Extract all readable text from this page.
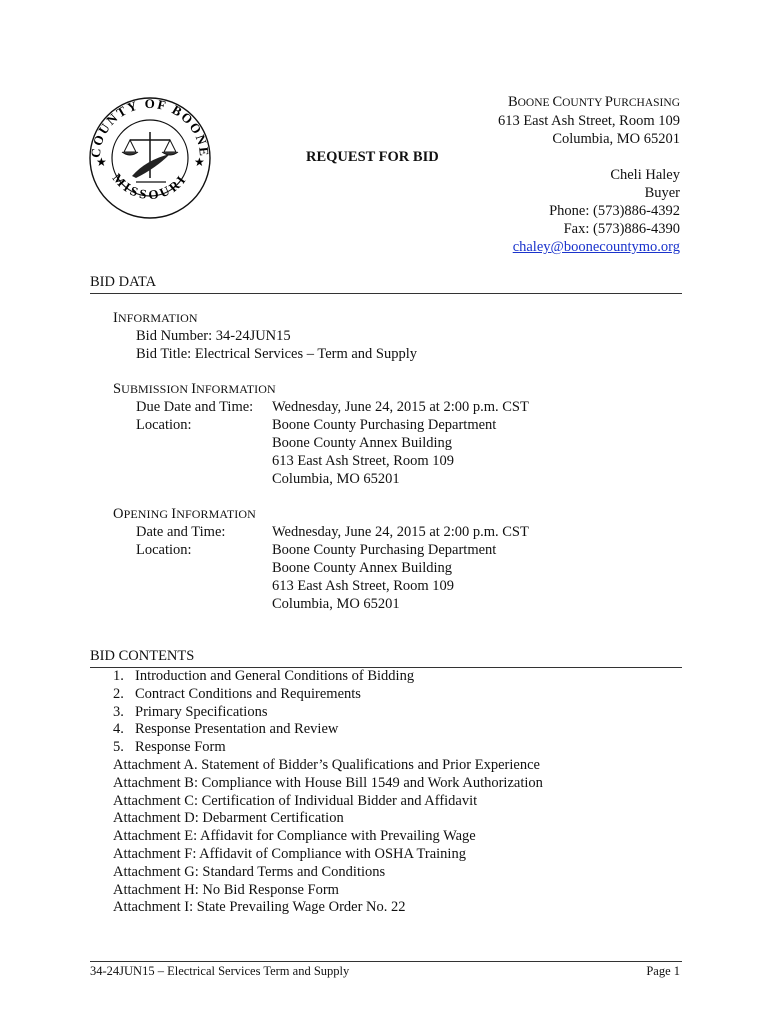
COUNTY OF BOONE
MISSOURI
★	★
BOONE COUNTY PURCHASING
613 East Ash Street, Room 109
Columbia, MO 65201
Cheli Haley
Buyer
Phone: (573)886-4392
Fax: (573)886-4390
chaley@boonecountymo.org
REQUEST FOR BID
BID DATA
INFORMATION
Bid Number: 34-24JUN15
Bid Title: Electrical Services – Term and Supply
SUBMISSION INFORMATION
Due Date and Time:	Wednesday, June 24, 2015 at 2:00 p.m. CST
Location:	Boone County Purchasing Department
Boone County Annex Building
613 East Ash Street, Room 109
Columbia, MO 65201
OPENING INFORMATION
Date and Time:	Wednesday, June 24, 2015 at 2:00 p.m. CST
Location:	Boone County Purchasing Department
Boone County Annex Building
613 East Ash Street, Room 109
Columbia, MO 65201
BID CONTENTS
1. Introduction and General Conditions of Bidding
2. Contract Conditions and Requirements
3. Primary Specifications
4. Response Presentation and Review
5. Response Form
Attachment A. Statement of Bidder’s Qualifications and Prior Experience
Attachment B: Compliance with House Bill 1549 and Work Authorization
Attachment C: Certification of Individual Bidder and Affidavit
Attachment D: Debarment Certification
Attachment E: Affidavit for Compliance with Prevailing Wage
Attachment F: Affidavit of Compliance with OSHA Training
Attachment G: Standard Terms and Conditions
Attachment H: No Bid Response Form
Attachment I: State Prevailing Wage Order No. 22
34-24JUN15 – Electrical Services Term and Supply	Page 1
